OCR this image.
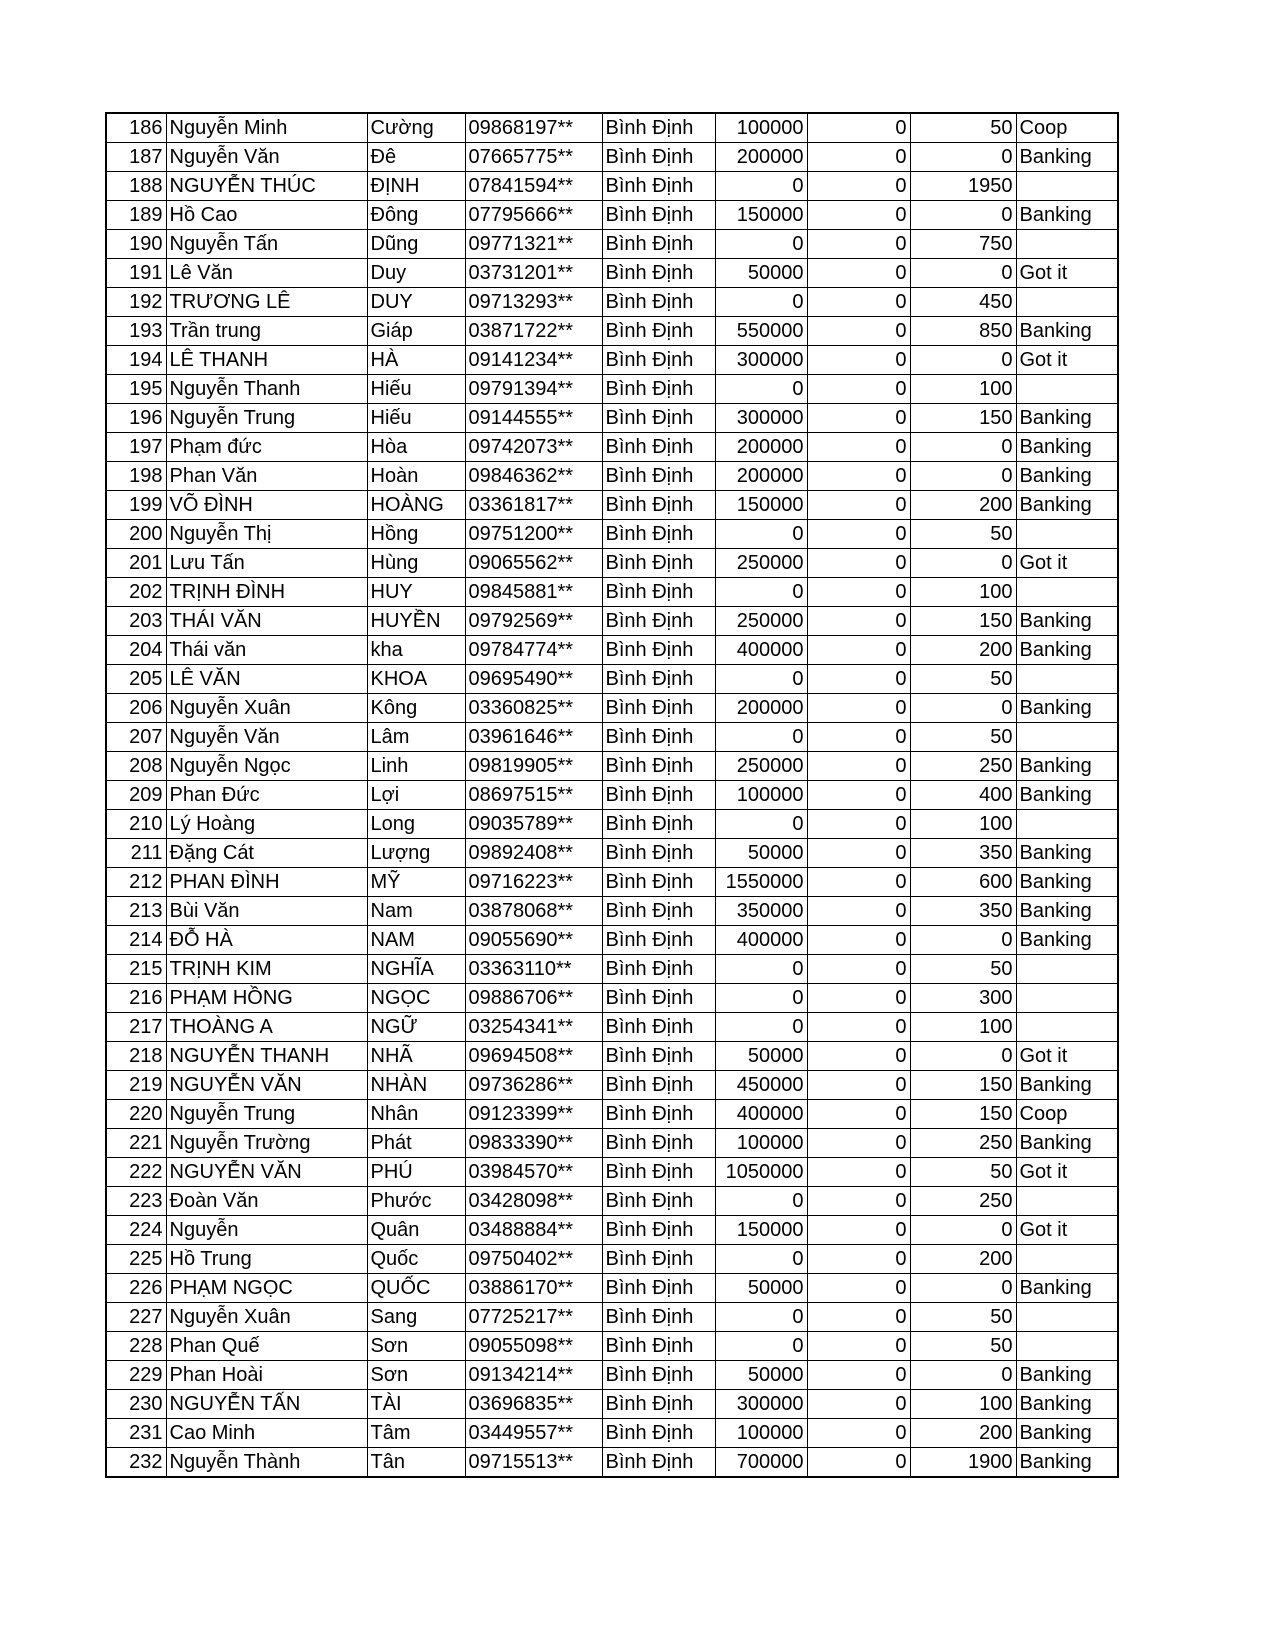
186	Nguyễn Minh	Cường	09868197**	Bình Định	100000	0	50	Coop
187	Nguyễn Văn	Đê	07665775**	Bình Định	200000	0	0	Banking
188	NGUYỄN THÚC	ĐỊNH	07841594**	Bình Định	0	0	1950	
189	Hồ Cao	Đông	07795666**	Bình Định	150000	0	0	Banking
190	Nguyễn Tấn	Dũng	09771321**	Bình Định	0	0	750	
191	Lê Văn	Duy	03731201**	Bình Định	50000	0	0	Got it
192	TRƯƠNG LÊ	DUY	09713293**	Bình Định	0	0	450	
193	Trần trung	Giáp	03871722**	Bình Định	550000	0	850	Banking
194	LÊ THANH	HÀ	09141234**	Bình Định	300000	0	0	Got it
195	Nguyễn Thanh	Hiếu	09791394**	Bình Định	0	0	100	
196	Nguyễn Trung	Hiếu	09144555**	Bình Định	300000	0	150	Banking
197	Phạm đức	Hòa	09742073**	Bình Định	200000	0	0	Banking
198	Phan Văn	Hoàn	09846362**	Bình Định	200000	0	0	Banking
199	VÕ ĐÌNH	HOÀNG	03361817**	Bình Định	150000	0	200	Banking
200	Nguyễn Thị	Hồng	09751200**	Bình Định	0	0	50	
201	Lưu Tấn	Hùng	09065562**	Bình Định	250000	0	0	Got it
202	TRỊNH ĐÌNH	HUY	09845881**	Bình Định	0	0	100	
203	THÁI VĂN	HUYỀN	09792569**	Bình Định	250000	0	150	Banking
204	Thái văn	kha	09784774**	Bình Định	400000	0	200	Banking
205	LÊ VĂN	KHOA	09695490**	Bình Định	0	0	50	
206	Nguyễn Xuân	Kông	03360825**	Bình Định	200000	0	0	Banking
207	Nguyễn Văn	Lâm	03961646**	Bình Định	0	0	50	
208	Nguyễn Ngọc	Linh	09819905**	Bình Định	250000	0	250	Banking
209	Phan Đức	Lợi	08697515**	Bình Định	100000	0	400	Banking
210	Lý Hoàng	Long	09035789**	Bình Định	0	0	100	
211	Đặng Cát	Lượng	09892408**	Bình Định	50000	0	350	Banking
212	PHAN ĐÌNH	MỸ	09716223**	Bình Định	1550000	0	600	Banking
213	Bùi Văn	Nam	03878068**	Bình Định	350000	0	350	Banking
214	ĐỖ HÀ	NAM	09055690**	Bình Định	400000	0	0	Banking
215	TRỊNH KIM	NGHĨA	03363110**	Bình Định	0	0	50	
216	PHẠM HỒNG	NGỌC	09886706**	Bình Định	0	0	300	
217	THOÀNG A	NGỮ	03254341**	Bình Định	0	0	100	
218	NGUYỄN THANH	NHÃ	09694508**	Bình Định	50000	0	0	Got it
219	NGUYỄN VĂN	NHÀN	09736286**	Bình Định	450000	0	150	Banking
220	Nguyễn Trung	Nhân	09123399**	Bình Định	400000	0	150	Coop
221	Nguyễn Trường	Phát	09833390**	Bình Định	100000	0	250	Banking
222	NGUYỄN VĂN	PHÚ	03984570**	Bình Định	1050000	0	50	Got it
223	Đoàn Văn	Phước	03428098**	Bình Định	0	0	250	
224	Nguyễn	Quân	03488884**	Bình Định	150000	0	0	Got it
225	Hồ Trung	Quốc	09750402**	Bình Định	0	0	200	
226	PHẠM NGỌC	QUỐC	03886170**	Bình Định	50000	0	0	Banking
227	Nguyễn Xuân	Sang	07725217**	Bình Định	0	0	50	
228	Phan Quế	Sơn	09055098**	Bình Định	0	0	50	
229	Phan Hoài	Sơn	09134214**	Bình Định	50000	0	0	Banking
230	NGUYỄN TẤN	TÀI	03696835**	Bình Định	300000	0	100	Banking
231	Cao Minh	Tâm	03449557**	Bình Định	100000	0	200	Banking
232	Nguyễn Thành	Tân	09715513**	Bình Định	700000	0	1900	Banking
